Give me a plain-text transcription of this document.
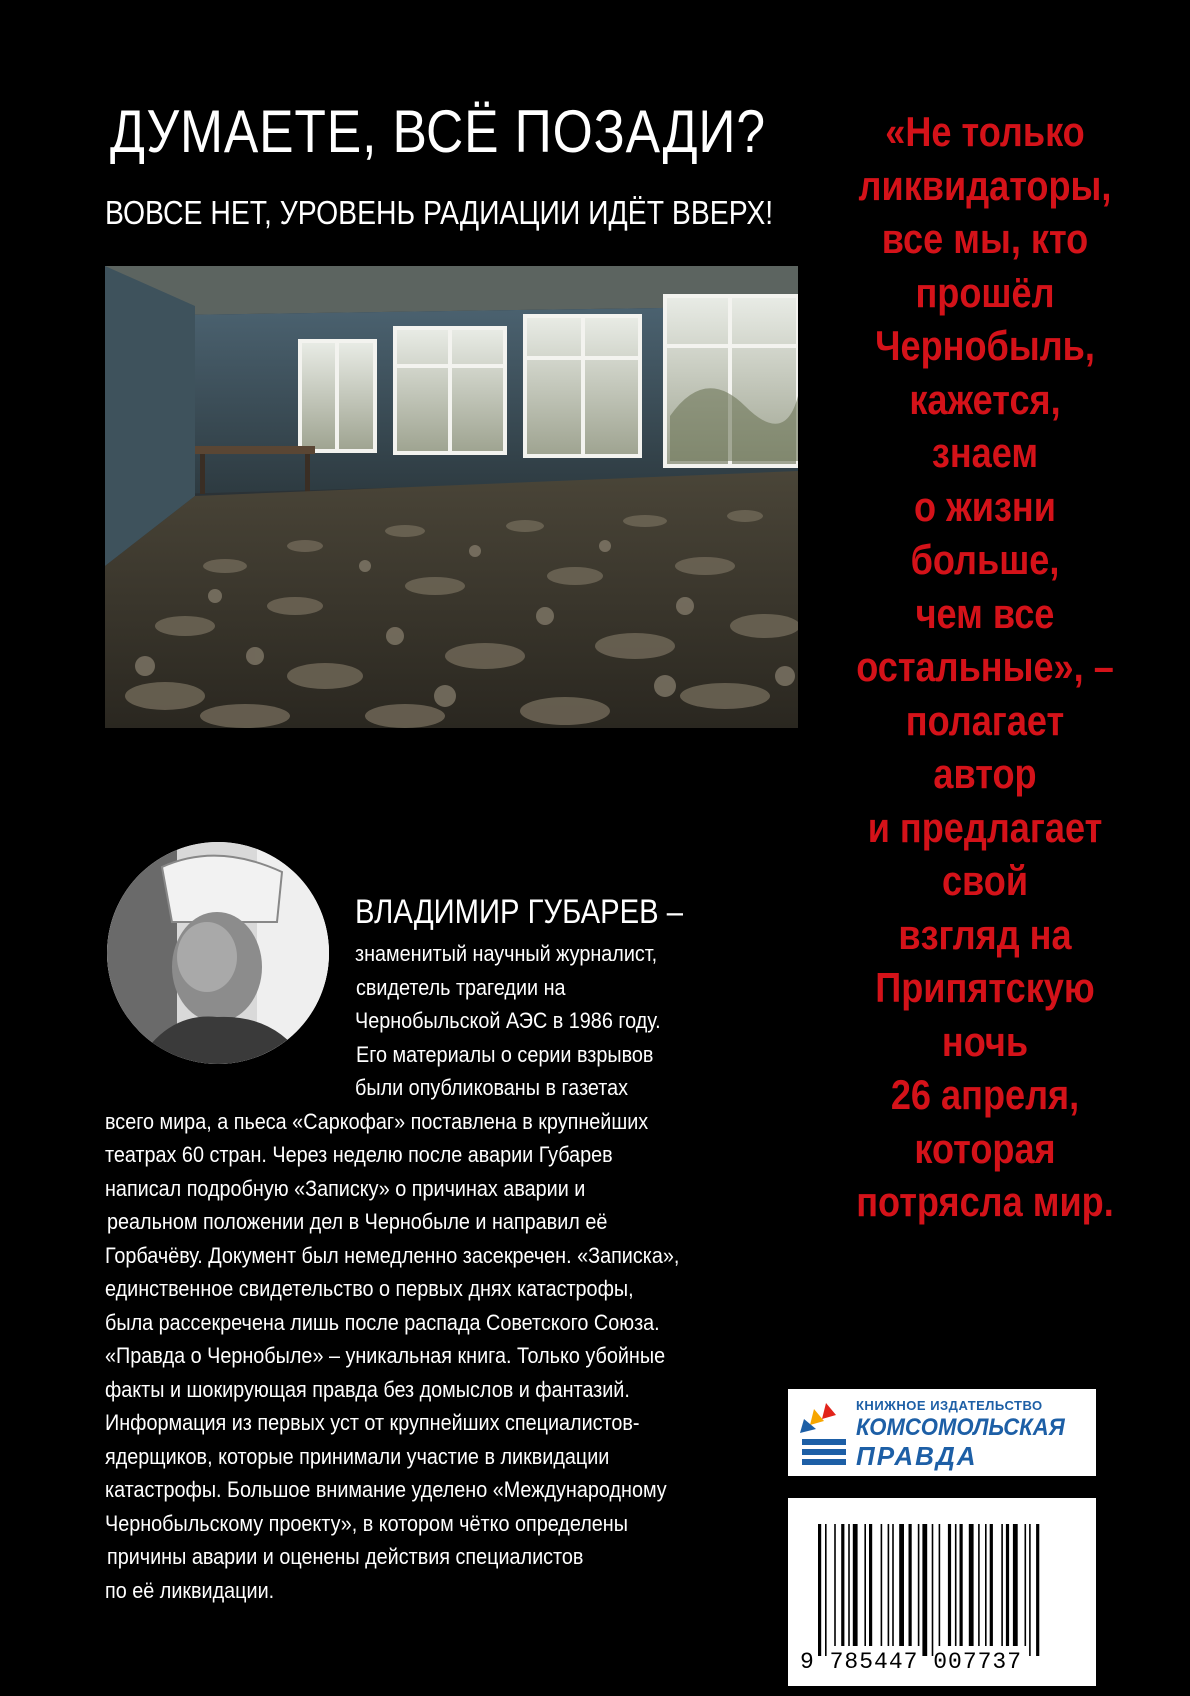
ДУМАЕТЕ, ВСЁ ПОЗАДИ?
ВОВСЕ НЕТ, УРОВЕНЬ РАДИАЦИИ ИДЁТ ВВЕРХ!
ВЛАДИМИР ГУБАРЕВ –
знаменитый научный журналист,
свидетель трагедии на
Чернобыльской АЭС в 1986 году.
Его материалы о серии взрывов
были опубликованы в газетах
всего мира, а пьеса «Саркофаг» поставлена в крупнейших
театрах 60 стран. Через неделю после аварии Губарев
написал подробную «Записку» о причинах аварии и
реальном положении дел в Чернобыле и направил её
Горбачёву. Документ был немедленно засекречен. «Записка»,
единственное свидетельство о первых днях катастрофы,
была рассекречена лишь после распада Советского Союза.
«Правда о Чернобыле» – уникальная книга. Только убойные
факты и шокирующая правда без домыслов и фантазий.
Информация из первых уст от крупнейших специалистов-
ядерщиков, которые принимали участие в ликвидации
катастрофы. Большое внимание уделено «Международному
Чернобыльскому проекту», в котором чётко определены
причины аварии и оценены действия специалистов
по её ликвидации.
«Не только
ликвидаторы,
все мы, кто
прошёл
Чернобыль,
кажется,
знаем
о жизни
больше,
чем все
остальные», –
полагает
автор
и предлагает
свой
взгляд на
Припятскую
ночь
26 апреля,
которая
потрясла мир.
КНИЖНОЕ ИЗДАТЕЛЬСТВО
КОМСОМОЛЬСКАЯ
ПРАВДА
9 785447 007737
